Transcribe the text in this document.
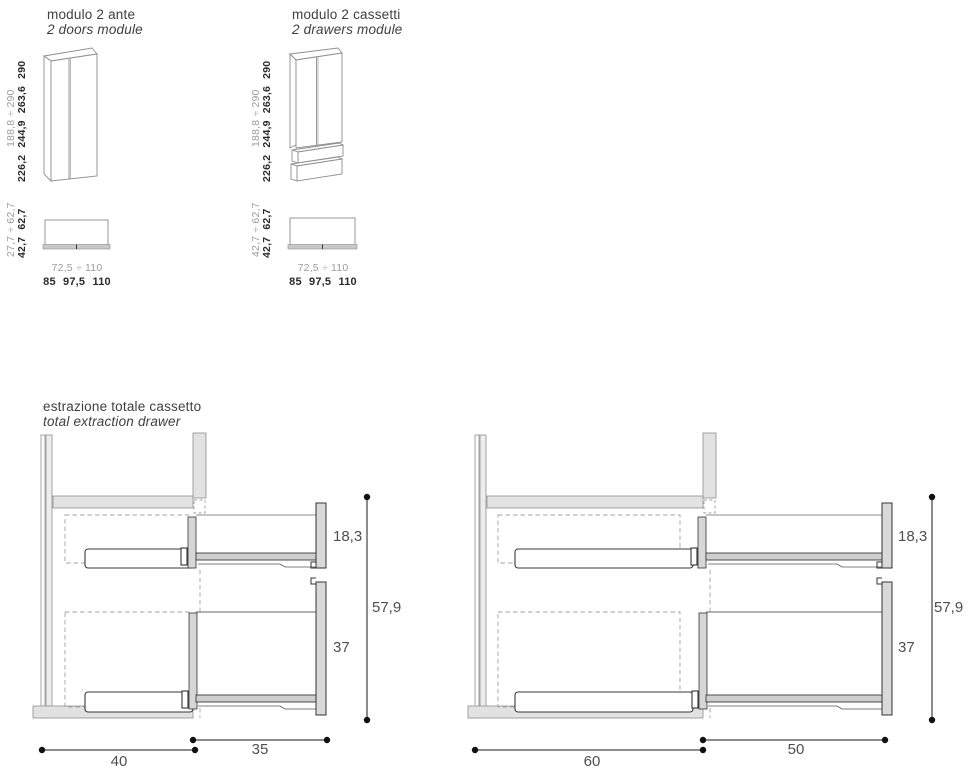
modulo 2 ante
2 doors module
188,8 ÷ 290 226,2 244,9 263,6 290
27,7 ÷ 62,7 42,7 62,7
72,5 ÷ 110
85 97,5 110
modulo 2 cassetti
2 drawers module
188,8 ÷ 290 226,2 244,9 263,6 290
42,7 ÷ 62,7 42,7 62,7
72,5 ÷ 110
85 97,5 110
estrazione totale cassetto
total extraction drawer
18,3
37
57,9
35
40
18,3
37
57,9
50
60
